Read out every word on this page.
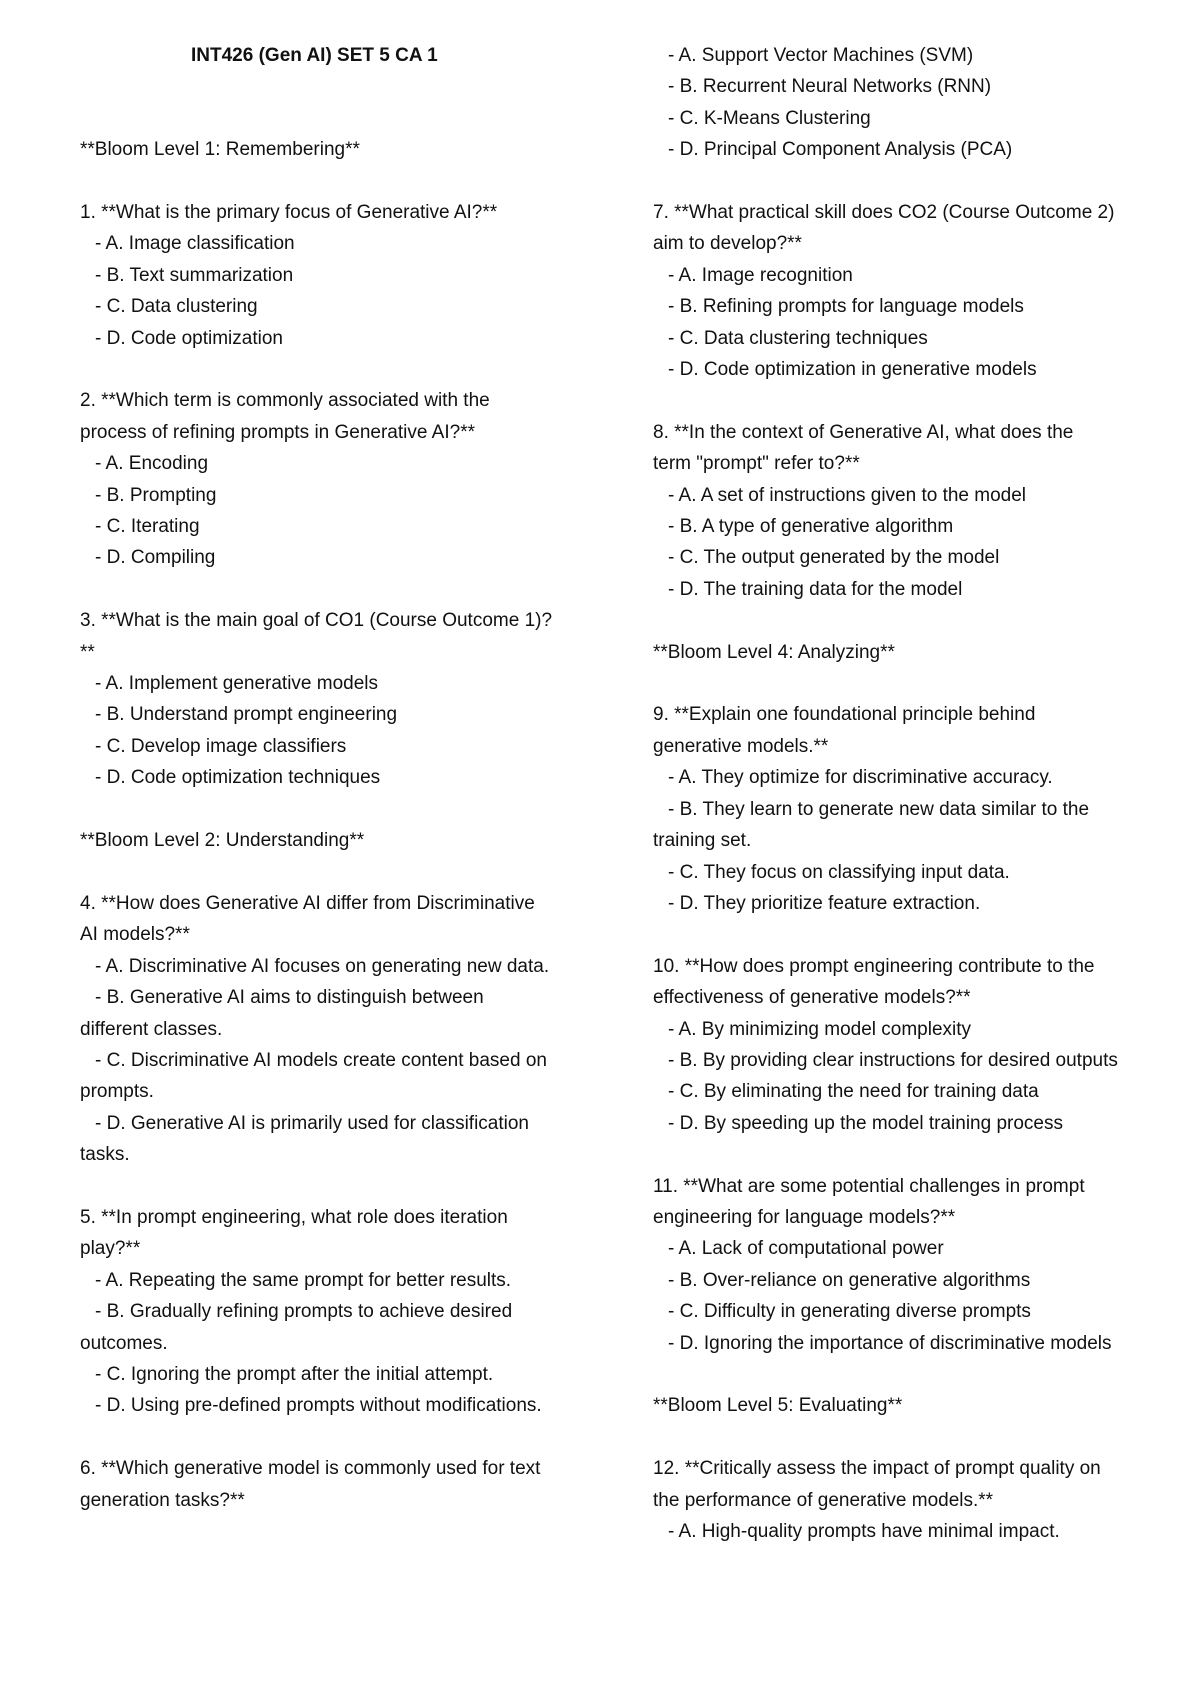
INT426 (Gen AI) SET 5 CA 1

**Bloom Level 1: Remembering**
1. **What is the primary focus of Generative AI?**
- A. Image classification
- B. Text summarization
- C. Data clustering
- D. Code optimization
2. **Which term is commonly associated with the
process of refining prompts in Generative AI?**
- A. Encoding
- B. Prompting
- C. Iterating
- D. Compiling
3. **What is the main goal of CO1 (Course Outcome 1)?
**
- A. Implement generative models
- B. Understand prompt engineering
- C. Develop image classifiers
- D. Code optimization techniques
**Bloom Level 2: Understanding**
4. **How does Generative AI differ from Discriminative
AI models?**
- A. Discriminative AI focuses on generating new data.
- B. Generative AI aims to distinguish between
different classes.
- C. Discriminative AI models create content based on
prompts.
- D. Generative AI is primarily used for classification
tasks.
5. **In prompt engineering, what role does iteration
play?**
- A. Repeating the same prompt for better results.
- B. Gradually refining prompts to achieve desired
outcomes.
- C. Ignoring the prompt after the initial attempt.
- D. Using pre-defined prompts without modifications.
6. **Which generative model is commonly used for text
generation tasks?**
- A. Support Vector Machines (SVM)
- B. Recurrent Neural Networks (RNN)
- C. K-Means Clustering
- D. Principal Component Analysis (PCA)
7. **What practical skill does CO2 (Course Outcome 2)
aim to develop?**
- A. Image recognition
- B. Refining prompts for language models
- C. Data clustering techniques
- D. Code optimization in generative models
8. **In the context of Generative AI, what does the
term "prompt" refer to?**
- A. A set of instructions given to the model
- B. A type of generative algorithm
- C. The output generated by the model
- D. The training data for the model
**Bloom Level 4: Analyzing**
9. **Explain one foundational principle behind
generative models.**
- A. They optimize for discriminative accuracy.
- B. They learn to generate new data similar to the
training set.
- C. They focus on classifying input data.
- D. They prioritize feature extraction.
10. **How does prompt engineering contribute to the
effectiveness of generative models?**
- A. By minimizing model complexity
- B. By providing clear instructions for desired outputs
- C. By eliminating the need for training data
- D. By speeding up the model training process
11. **What are some potential challenges in prompt
engineering for language models?**
- A. Lack of computational power
- B. Over-reliance on generative algorithms
- C. Difficulty in generating diverse prompts
- D. Ignoring the importance of discriminative models
**Bloom Level 5: Evaluating**
12. **Critically assess the impact of prompt quality on
the performance of generative models.**
- A. High-quality prompts have minimal impact.
